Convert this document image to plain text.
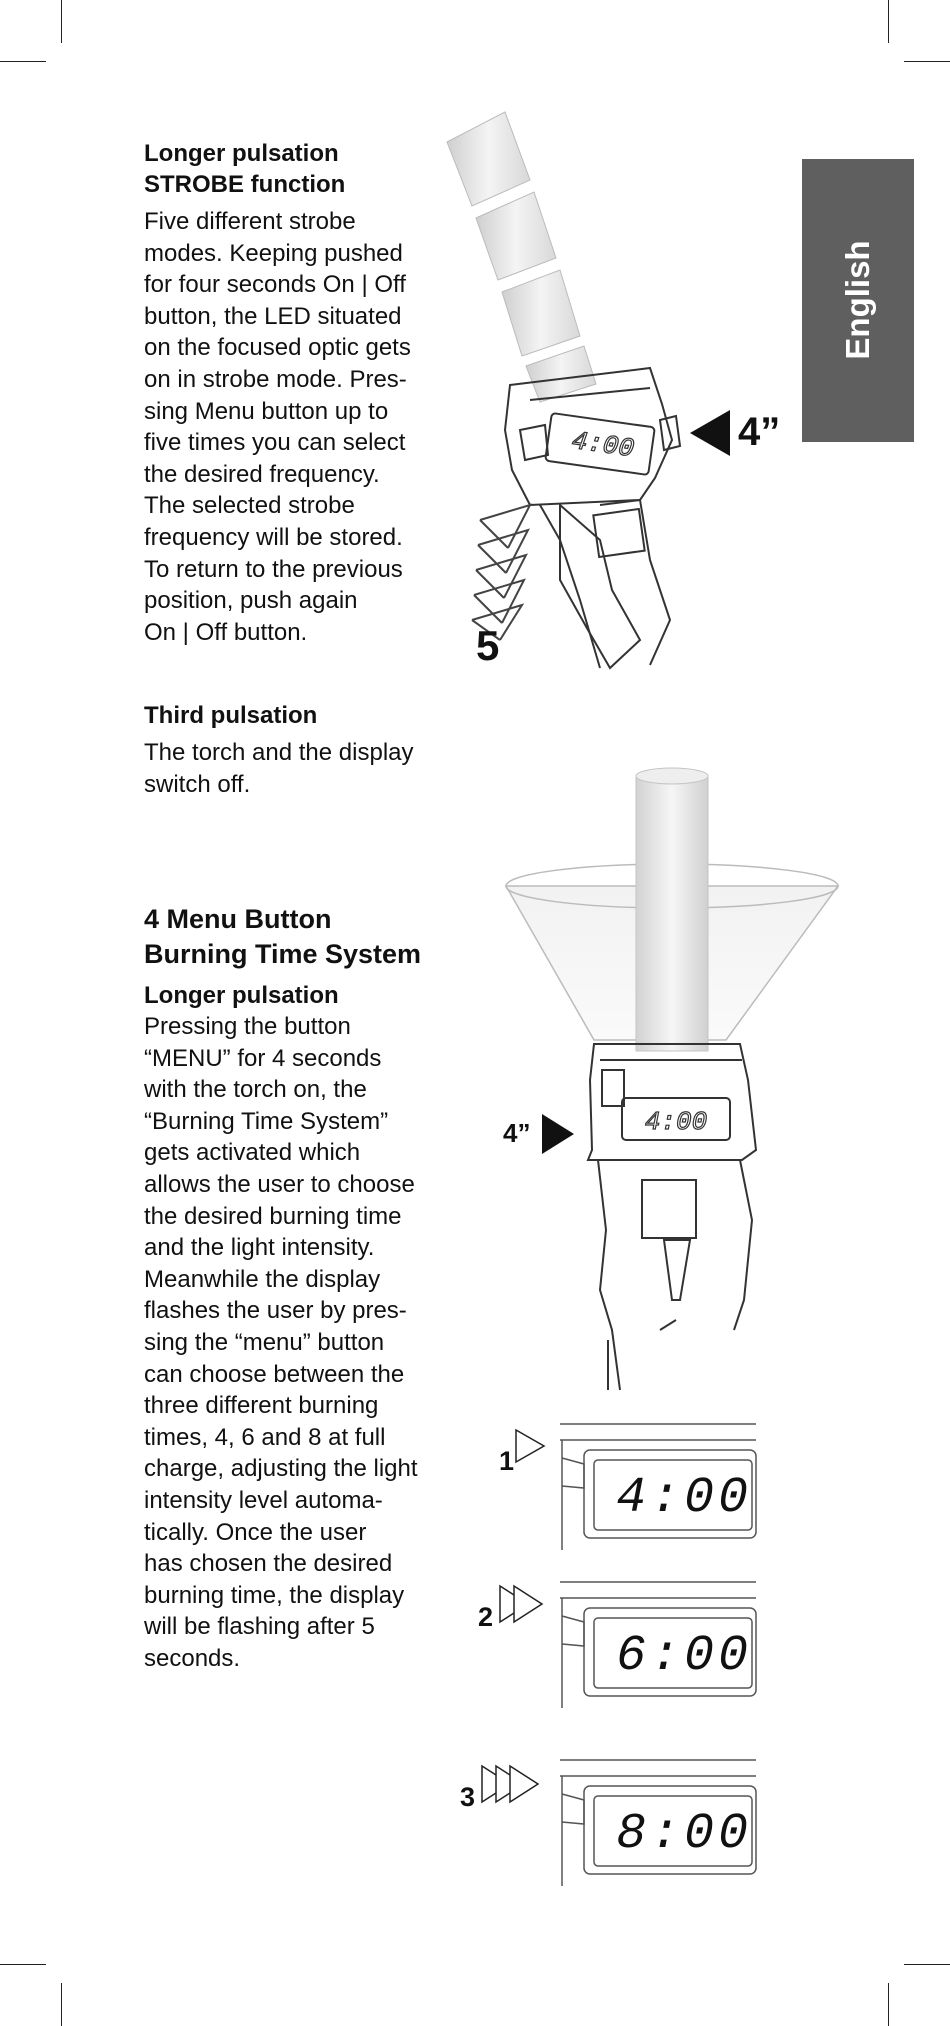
English

Longer pulsation

STROBE function

Five different strobe

modes. Keeping pushed

for four seconds On | Off

button, the LED situated

on the focused optic gets

on in strobe mode. Pres-

sing Menu button up to

five times you can select

the desired frequency.

The selected strobe

frequency will be stored.

To return to the previous

position, push again

On | Off button.

Third pulsation

The torch and the display

switch off.

4 Menu Button

Burning Time System

Longer pulsation

Pressing the button

“MENU” for 4 seconds

with the torch on, the

“Burning Time System”

gets activated which

allows the user to choose

the desired burning time

and the light intensity.

Meanwhile the display

flashes the user by pres-

sing the “menu” button

can choose between the

three different burning

times, 4, 6 and 8 at full

charge, adjusting the light

intensity level automa-

tically. Once the user

has chosen the desired

burning time, the display

will be flashing after 5

seconds.

4:00	4”
5
4:00
4”
1
4:00
2
6:00
3
8:00
